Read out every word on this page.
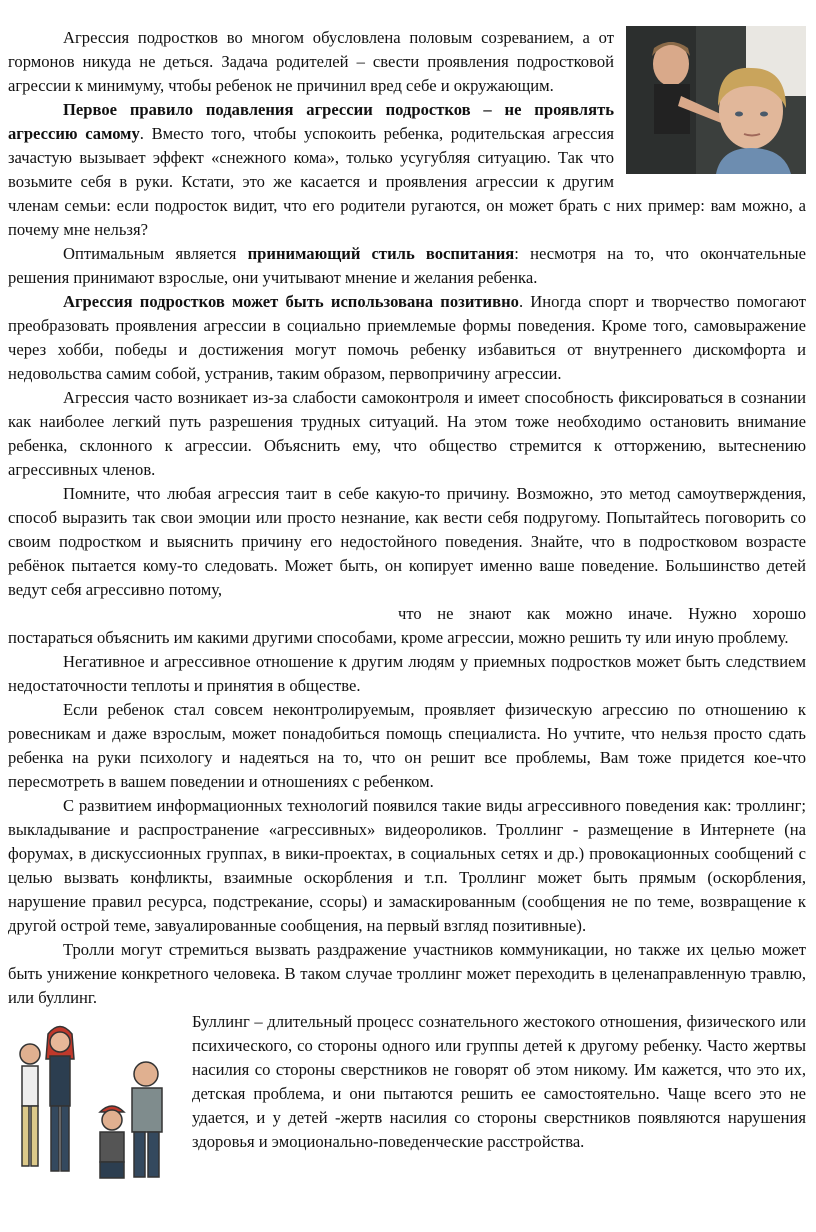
Агрессия подростков во многом обусловлена половым созреванием, а от гормонов никуда не деться. Задача родителей – свести проявления подростковой агрессии к минимуму, чтобы ребенок не причинил вред себе и окружающим.

Первое правило подавления агрессии подростков – не проявлять агрессию самому. Вместо того, чтобы успокоить ребенка, родительская агрессия зачастую вызывает эффект «снежного кома», только усугубляя ситуацию. Так что возьмите себя в руки. Кстати, это же касается и проявления агрессии к другим членам семьи: если подросток видит, что его родители ругаются, он может брать с них пример: вам можно, а почему мне нельзя?

Оптимальным является принимающий стиль воспитания: несмотря на то, что окончательные решения принимают взрослые, они учитывают мнение и желания ребенка.

Агрессия подростков может быть использована позитивно. Иногда спорт и творчество помогают преобразовать проявления агрессии в социально приемлемые формы поведения. Кроме того, самовыражение через хобби, победы и достижения могут помочь ребенку избавиться от внутреннего дискомфорта и недовольства самим собой, устранив, таким образом, первопричину агрессии.

Агрессия часто возникает из-за слабости самоконтроля и имеет способность фиксироваться в сознании как наиболее легкий путь разрешения трудных ситуаций. На этом тоже необходимо остановить внимание ребенка, склонного к агрессии. Объяснить ему, что общество стремится к отторжению, вытеснению агрессивных членов.

Помните, что любая агрессия таит в себе какую-то причину. Возможно, это метод самоутверждения, способ выразить так свои эмоции или просто незнание, как вести себя подругому. Попытайтесь поговорить со своим подростком и выяснить причину его недостойного поведения. Знайте, что в подростковом возрасте ребёнок пытается кому-то следовать. Может быть, он копирует именно ваше поведение. Большинство детей ведут себя агрессивно потому,

что не знают как можно иначе. Нужно хорошо постараться объяснить им какими другими способами, кроме агрессии, можно решить ту или иную проблему.

Негативное и агрессивное отношение к другим людям у приемных подростков может быть следствием недостаточности теплоты и принятия в обществе.

Если ребенок стал совсем неконтролируемым, проявляет физическую агрессию по отношению к ровесникам и даже взрослым, может понадобиться помощь специалиста. Но учтите, что нельзя просто сдать ребенка на руки психологу и надеяться на то, что он решит все проблемы, Вам тоже придется кое-что пересмотреть в вашем поведении и отношениях с ребенком.

С развитием информационных технологий появился такие виды агрессивного поведения как: троллинг; выкладывание и распространение «агрессивных» видеороликов. Троллинг - размещение в Интернете (на форумах, в дискуссионных группах, в вики-проектах, в социальных сетях и др.) провокационных сообщений с целью вызвать конфликты, взаимные оскорбления и т.п. Троллинг может быть прямым (оскорбления, нарушение правил ресурса, подстрекание, ссоры) и замаскированным (сообщения не по теме, возвращение к другой острой теме, завуалированные сообщения, на первый взгляд позитивные).

Тролли могут стремиться вызвать раздражение участников коммуникации, но также их целью может быть унижение конкретного человека. В таком случае троллинг может переходить в целенаправленную травлю, или буллинг.

Буллинг – длительный процесс сознательного жестокого отношения, физического или психического, со стороны одного или группы детей к другому ребенку. Часто жертвы насилия со стороны сверстников не говорят об этом никому. Им кажется, что это их, детская проблема, и они пытаются решить ее самостоятельно. Чаще всего это не удается, и у детей -жертв насилия со стороны сверстников появляются нарушения здоровья и эмоционально-поведенческие расстройства.
